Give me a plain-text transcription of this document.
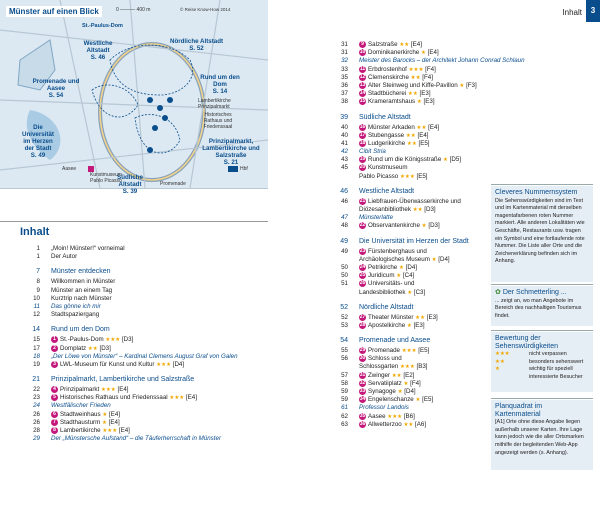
Münster auf einen Blick	0 ——— 400 m	© Reise Know-How 2014
Nördliche Altstadt
S. 52
St.-Paulus-Dom
Südliche Altstadt
S. 39
Rund um den Dom
S. 14
Promenade und Aasee
S. 54
Die Universität im Herzen der Stadt
S. 49
Westliche Altstadt
S. 46
Prinzipalmarkt, Lambertikirche und Salzstraße
S. 21
Lambertikirche
Prinzipalmarkt
Historisches Rathaus und Friedenssaal
Kunstmuseum Pablo Picasso	Promenade
Aasee	Hbf
Inhalt	3
Inhalt
1	„Moin! Münster!“ vorneimal
1	Der Autor
7	Münster entdecken
8	Willkommen in Münster
9	Münster an einem Tag
10	Kurztrip nach Münster
11	Das gönne ich mir
12	Stadtspaziergang
14	Rund um den Dom
15	1 St.-Paulus-Dom ★★★ [D3]
17	2 Domplatz ★★ [D3]
18	„Der Löwe von Münster“ – Kardinal Clemens August Graf von Galen
19	3 LWL-Museum für Kunst und Kultur ★★★ [D4]
21	Prinzipalmarkt, Lambertikirche und Salzstraße
22	4 Prinzipalmarkt ★★★ [E4]
23	5 Historisches Rathaus und Friedenssaal ★★★ [E4]
24	Westfälischer Frieden
26	6 Stadtweinhaus ★ [E4]
26	7 Stadthausturm ★ [E4]
28	8 Lambertikirche ★★★ [E4]
29	Der „Münstersche Aufstand“ – die Täuferherrschaft in Münster
31	9 Salzstraße ★★ [E4]
31	10 Dominikanerkirche ★ [E4]
32	Meister des Barocks – der Architekt Johann Conrad Schlaun
33	11 Erbdrostenhof ★★★ [F4]
35	12 Clemenskirche ★★ [F4]
36	13 Alter Steinweg und Kiffe-Pavillon ★ [F3]
37	14 Stadtbücherei ★★ [E3]
38	15 Krameramtshaus ★ [E3]
39	Südliche Altstadt
40	16 Münster Arkaden ★★ [E4]
40	17 Stubengasse ★★ [E4]
41	18 Ludgerikirche ★★ [E5]
42	Cibit Stria
43	19 Rund um die Königsstraße ★ [D5]
45	20 Kunstmuseum
Pablo Picasso ★★★ [E5]
46	Westliche Altstadt
46	21 Liebfrauen-Überwasserkirche und
Diözesanbibliothek ★★ [D3]
47	Münsterlatte
48	22 Observantenkirche ★ [D3]
49	Die Universität im Herzen der Stadt
49	23 Fürstenberghaus und
Archäologisches Museum ★ [D4]
50	24 Petrikirche ★ [D4]
50	25 Juridicum ★ [C4]
51	26 Universitäts- und
Landesbibliothek ★ [C3]
52	Nördliche Altstadt
52	27 Theater Münster ★★ [E3]
53	28 Apostelkirche ★ [E3]
54	Promenade und Aasee
55	29 Promenade ★★★ [E5]
56	30 Schloss und
Schlossgarten ★★★ [B3]
57	31 Zwinger ★★ [E2]
58	32 Servatiiplatz ★ [F4]
59	33 Synagoge ★ [D4]
59	34 Engelenschanze ★ [E5]
61	Professor Landois
62	35 Aasee ★★★ [B6]
63	36 Allwetterzoo ★★ [A6]
Cleveres Nummernsystem

Die Sehenswürdigkeiten sind im Text und im Kartenmaterial mit derselben magentafarbenen roten Nummer markiert. Alle anderen Lokalitäten wie Geschäfte, Restaurants usw. tragen ein Symbol und eine fortlaufende rote Nummer. Die Liste aller Orte und die Zeichenerklärung befinden sich im Anhang.

✿ Der Schmetterling ...

... zeigt an, wo man Angebote im Bereich des nachhaltigen Tourismus findet.

Bewertung der Sehenswürdigkeiten
★★★	nicht verpassen
★★	besonders sehenswert
★	wichtig für speziell
interessierte Besucher
Planquadrat im Kartenmaterial

[A1] Orte ohne diese Angabe liegen außerhalb unserer Karten. Ihre Lage kann jedoch wie die aller Ortsmarken mithilfe der begleitenden Web-App angezeigt werden (s. Anhang).
